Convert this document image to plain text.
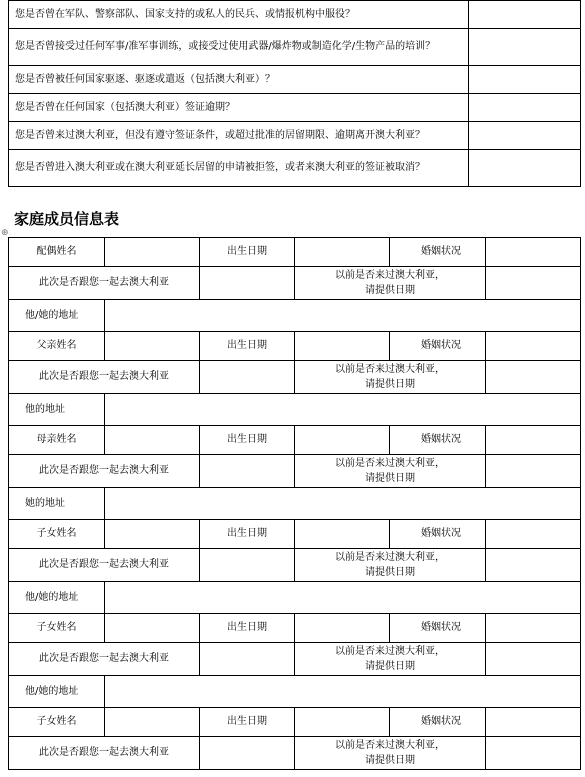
您是否曾在军队、警察部队、国家支持的或私人的民兵、或情报机构中服役？	
您是否曾接受过任何军事/准军事训练，或接受过使用武器/爆炸物或制造化学/生物产品的培训？	
您是否曾被任何国家驱逐、驱逐或遣返（包括澳大利亚）？	
您是否曾在任何国家（包括澳大利亚）签证逾期？	
您是否曾来过澳大利亚，但没有遵守签证条件，或超过批准的居留期限、逾期离开澳大利亚？	
您是否曾进入澳大利亚或在澳大利亚延长居留的申请被拒签，或者来澳大利亚的签证被取消？	
家庭成员信息表
⊕
配偶姓名		出生日期		婚姻状况	
此次是否跟您一起去澳大利亚			以前是否来过澳大利亚，
请提供日期		
他/她的地址					
父亲姓名		出生日期		婚姻状况	
此次是否跟您一起去澳大利亚			以前是否来过澳大利亚，
请提供日期		
他的地址					
母亲姓名		出生日期		婚姻状况	
此次是否跟您一起去澳大利亚			以前是否来过澳大利亚，
请提供日期		
她的地址					
子女姓名		出生日期		婚姻状况	
此次是否跟您一起去澳大利亚			以前是否来过澳大利亚，
请提供日期		
他/她的地址					
子女姓名		出生日期		婚姻状况	
此次是否跟您一起去澳大利亚			以前是否来过澳大利亚，
请提供日期		
他/她的地址					
子女姓名		出生日期		婚姻状况	
此次是否跟您一起去澳大利亚			以前是否来过澳大利亚，
请提供日期		
